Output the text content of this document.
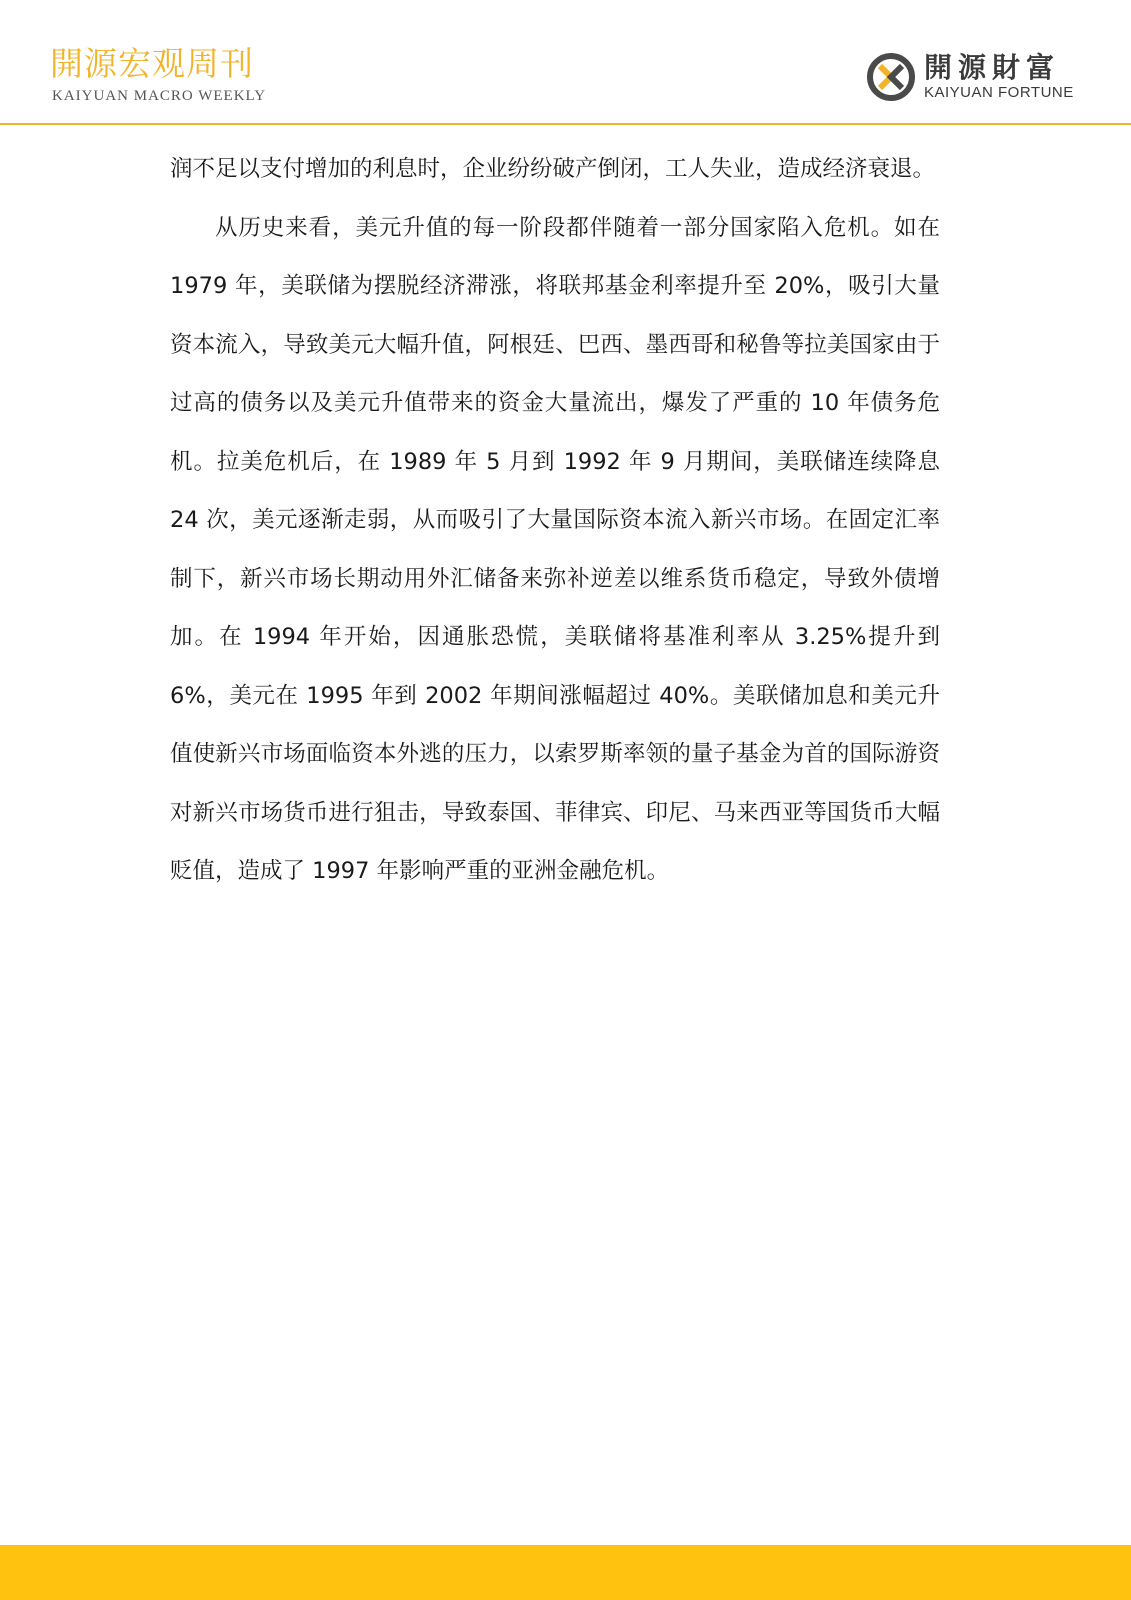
開源宏观周刊
KAIYUAN MACRO WEEKLY
開源財富
KAIYUAN FORTUNE

润不足以支付增加的利息时，企业纷纷破产倒闭，工人失业，造成经济衰退。

从历史来看，美元升值的每一阶段都伴随着一部分国家陷入危机。如在 1979 年，美联储为摆脱经济滞涨，将联邦基金利率提升至 20%，吸引大量资本流入，导致美元大幅升值，阿根廷、巴西、墨西哥和秘鲁等拉美国家由于过高的债务以及美元升值带来的资金大量流出，爆发了严重的 10 年债务危机。拉美危机后，在 1989 年 5 月到 1992 年 9 月期间，美联储连续降息 24 次，美元逐渐走弱，从而吸引了大量国际资本流入新兴市场。在固定汇率制下，新兴市场长期动用外汇储备来弥补逆差以维系货币稳定，导致外债增加。在 1994 年开始，因通胀恐慌，美联储将基准利率从 3.25%提升到 6%，美元在 1995 年到 2002 年期间涨幅超过 40%。美联储加息和美元升值使新兴市场面临资本外逃的压力，以索罗斯率领的量子基金为首的国际游资对新兴市场货币进行狙击，导致泰国、菲律宾、印尼、马来西亚等国货币大幅贬值，造成了 1997 年影响严重的亚洲金融危机。
